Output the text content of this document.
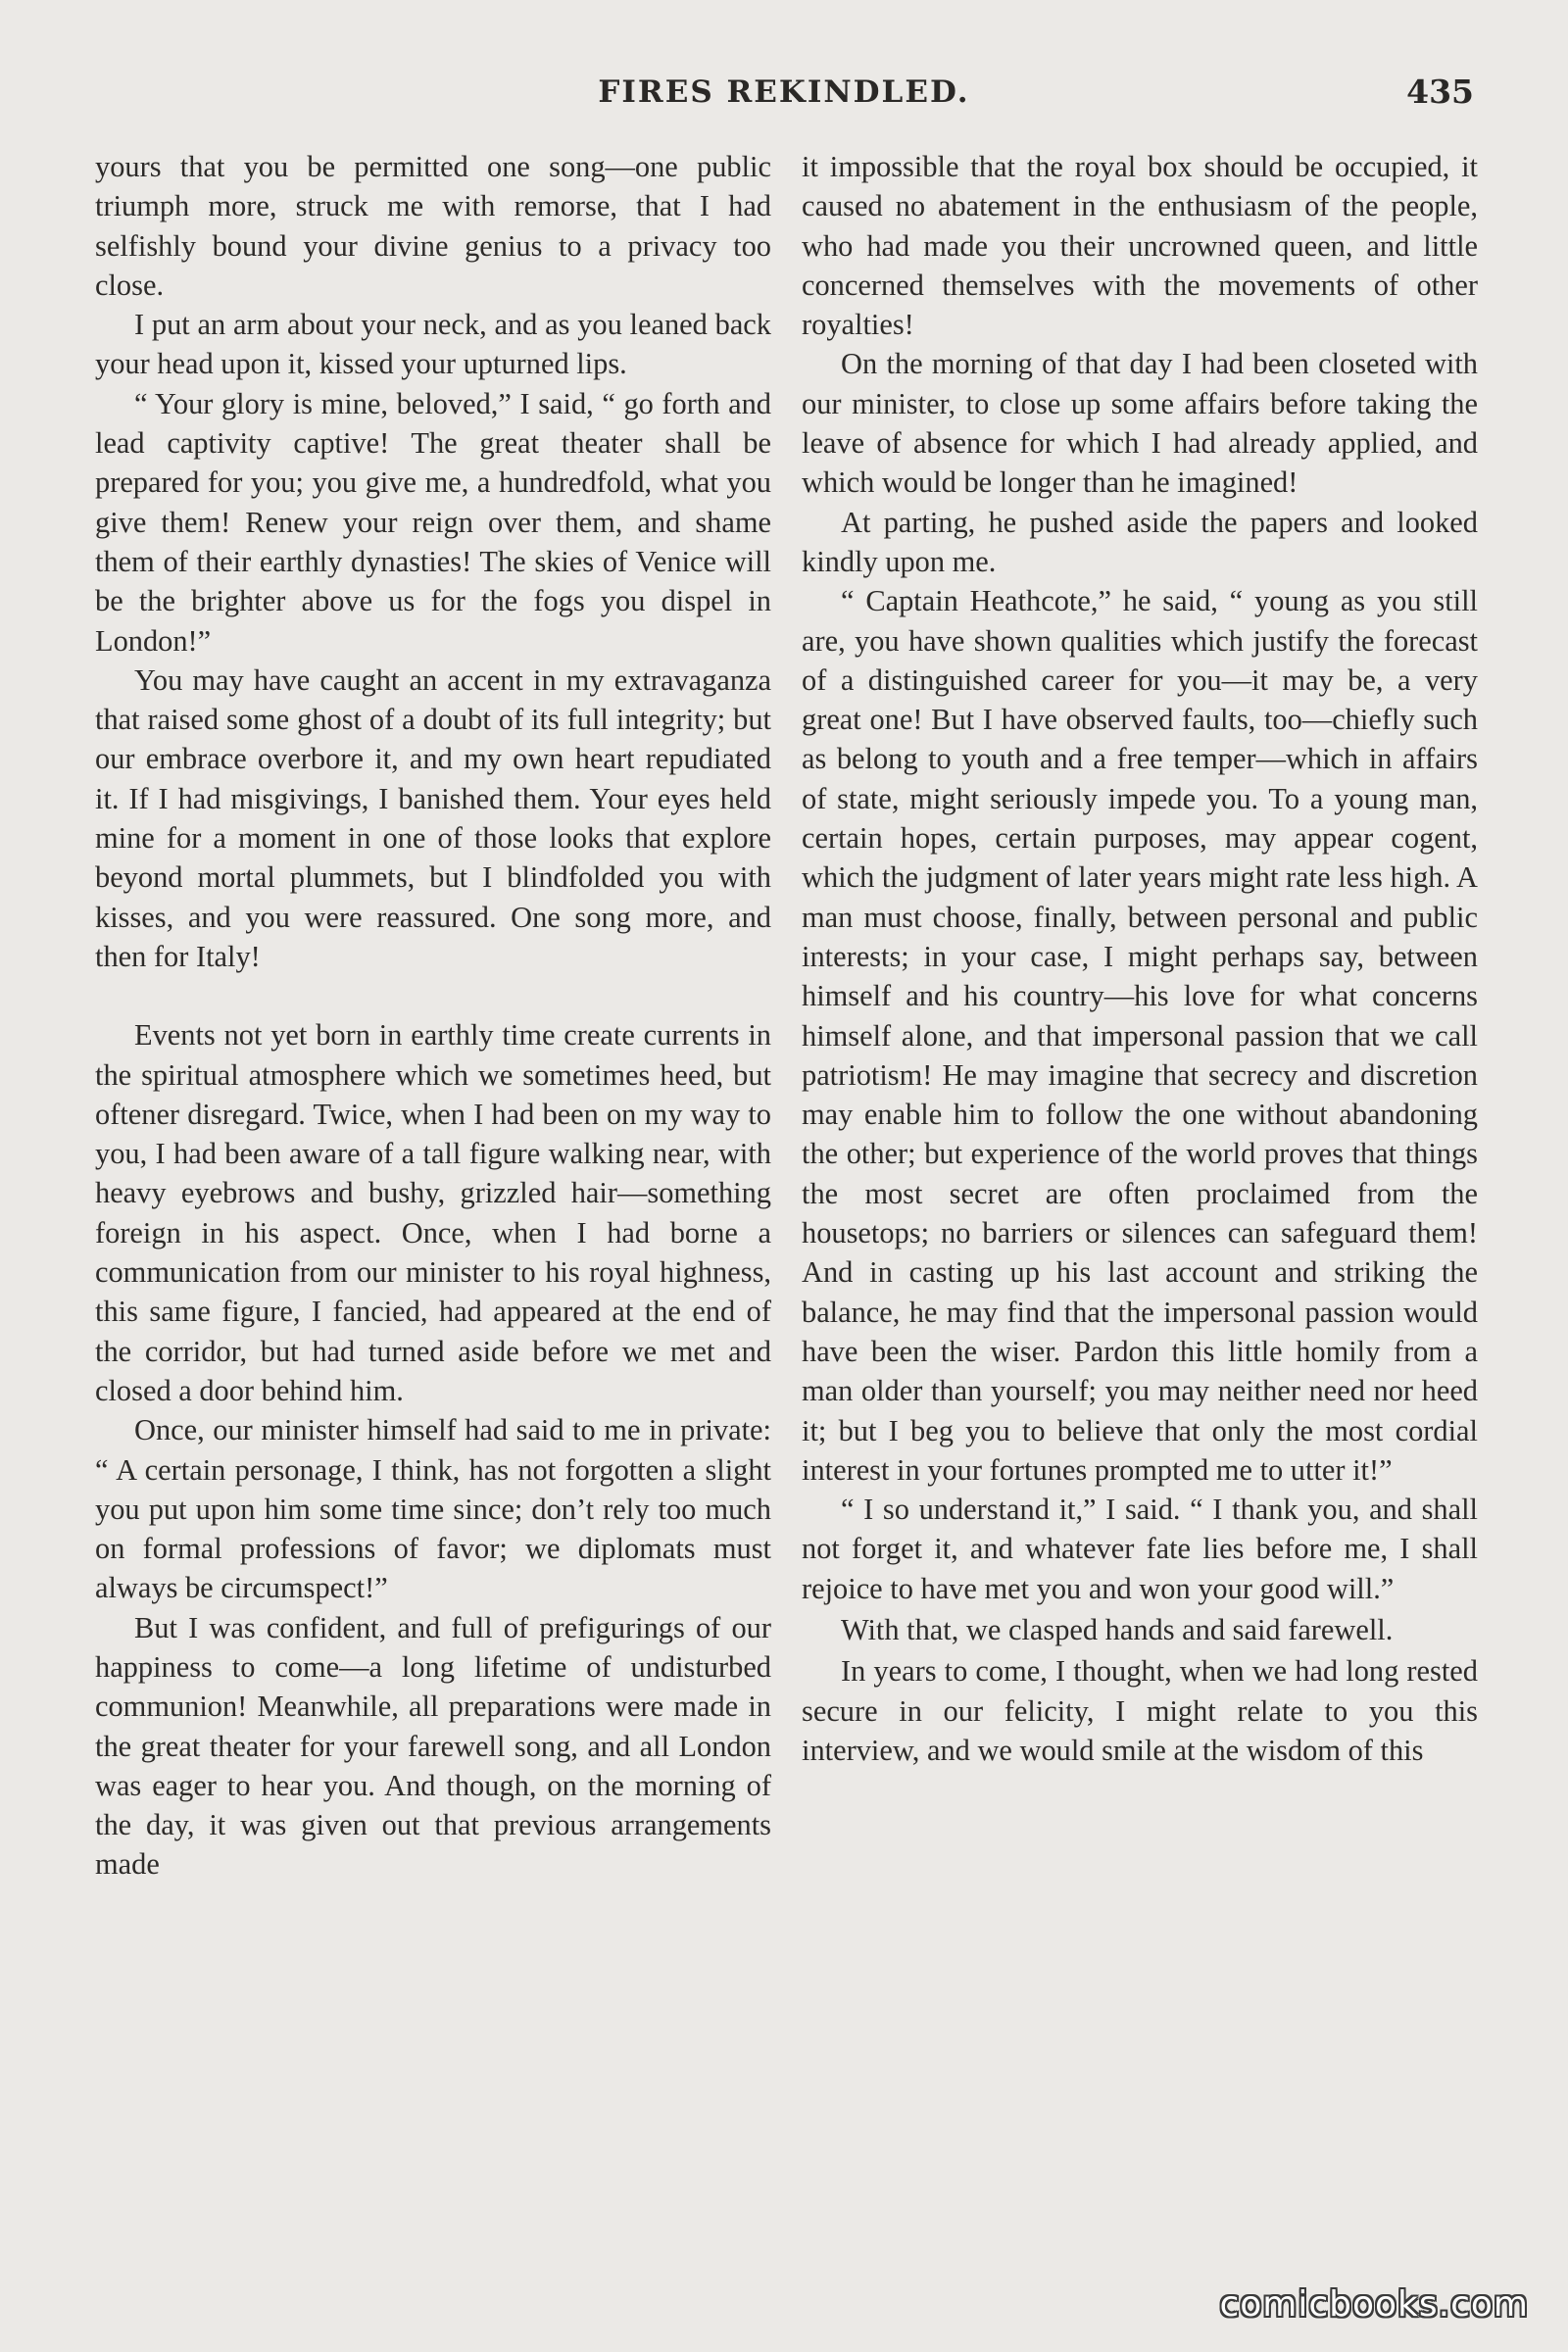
FIRES REKINDLED.	435

yours that you be permitted one song—one public triumph more, struck me with remorse, that I had selfishly bound your divine genius to a privacy too close.

I put an arm about your neck, and as you leaned back your head upon it, kissed your upturned lips.

“ Your glory is mine, beloved,” I said, “ go forth and lead captivity captive! The great theater shall be prepared for you; you give me, a hundredfold, what you give them! Renew your reign over them, and shame them of their earthly dynasties! The skies of Venice will be the brighter above us for the fogs you dispel in London!”

You may have caught an accent in my extravaganza that raised some ghost of a doubt of its full integrity; but our embrace overbore it, and my own heart repudiated it. If I had misgivings, I banished them. Your eyes held mine for a moment in one of those looks that explore beyond mortal plummets, but I blindfolded you with kisses, and you were reassured. One song more, and then for Italy!

Events not yet born in earthly time create currents in the spiritual atmosphere which we sometimes heed, but oftener disregard. Twice, when I had been on my way to you, I had been aware of a tall figure walking near, with heavy eyebrows and bushy, grizzled hair—something foreign in his aspect. Once, when I had borne a communication from our minister to his royal highness, this same figure, I fancied, had appeared at the end of the corridor, but had turned aside before we met and closed a door behind him.

Once, our minister himself had said to me in private: “ A certain personage, I think, has not forgotten a slight you put upon him some time since; don’t rely too much on formal professions of favor; we diplomats must always be circumspect!”

But I was confident, and full of prefigurings of our happiness to come—a long lifetime of undisturbed communion! Meanwhile, all preparations were made in the great theater for your farewell song, and all London was eager to hear you. And though, on the morning of the day, it was given out that previous arrangements made

it impossible that the royal box should be occupied, it caused no abatement in the enthusiasm of the people, who had made you their uncrowned queen, and little concerned themselves with the movements of other royalties!

On the morning of that day I had been closeted with our minister, to close up some affairs before taking the leave of absence for which I had already applied, and which would be longer than he imagined!

At parting, he pushed aside the papers and looked kindly upon me.

“ Captain Heathcote,” he said, “ young as you still are, you have shown qualities which justify the forecast of a distinguished career for you—it may be, a very great one! But I have observed faults, too—chiefly such as belong to youth and a free temper—which in affairs of state, might seriously impede you. To a young man, certain hopes, certain purposes, may appear cogent, which the judgment of later years might rate less high. A man must choose, finally, between personal and public interests; in your case, I might perhaps say, between himself and his country—his love for what concerns himself alone, and that impersonal passion that we call patriotism! He may imagine that secrecy and discretion may enable him to follow the one without abandoning the other; but experience of the world proves that things the most secret are often proclaimed from the housetops; no barriers or silences can safeguard them! And in casting up his last account and striking the balance, he may find that the impersonal passion would have been the wiser. Pardon this little homily from a man older than yourself; you may neither need nor heed it; but I beg you to believe that only the most cordial interest in your fortunes prompted me to utter it!”

“ I so understand it,” I said. “ I thank you, and shall not forget it, and whatever fate lies before me, I shall rejoice to have met you and won your good will.”

With that, we clasped hands and said farewell.

In years to come, I thought, when we had long rested secure in our felicity, I might relate to you this interview, and we would smile at the wisdom of this

comicbooks.com
